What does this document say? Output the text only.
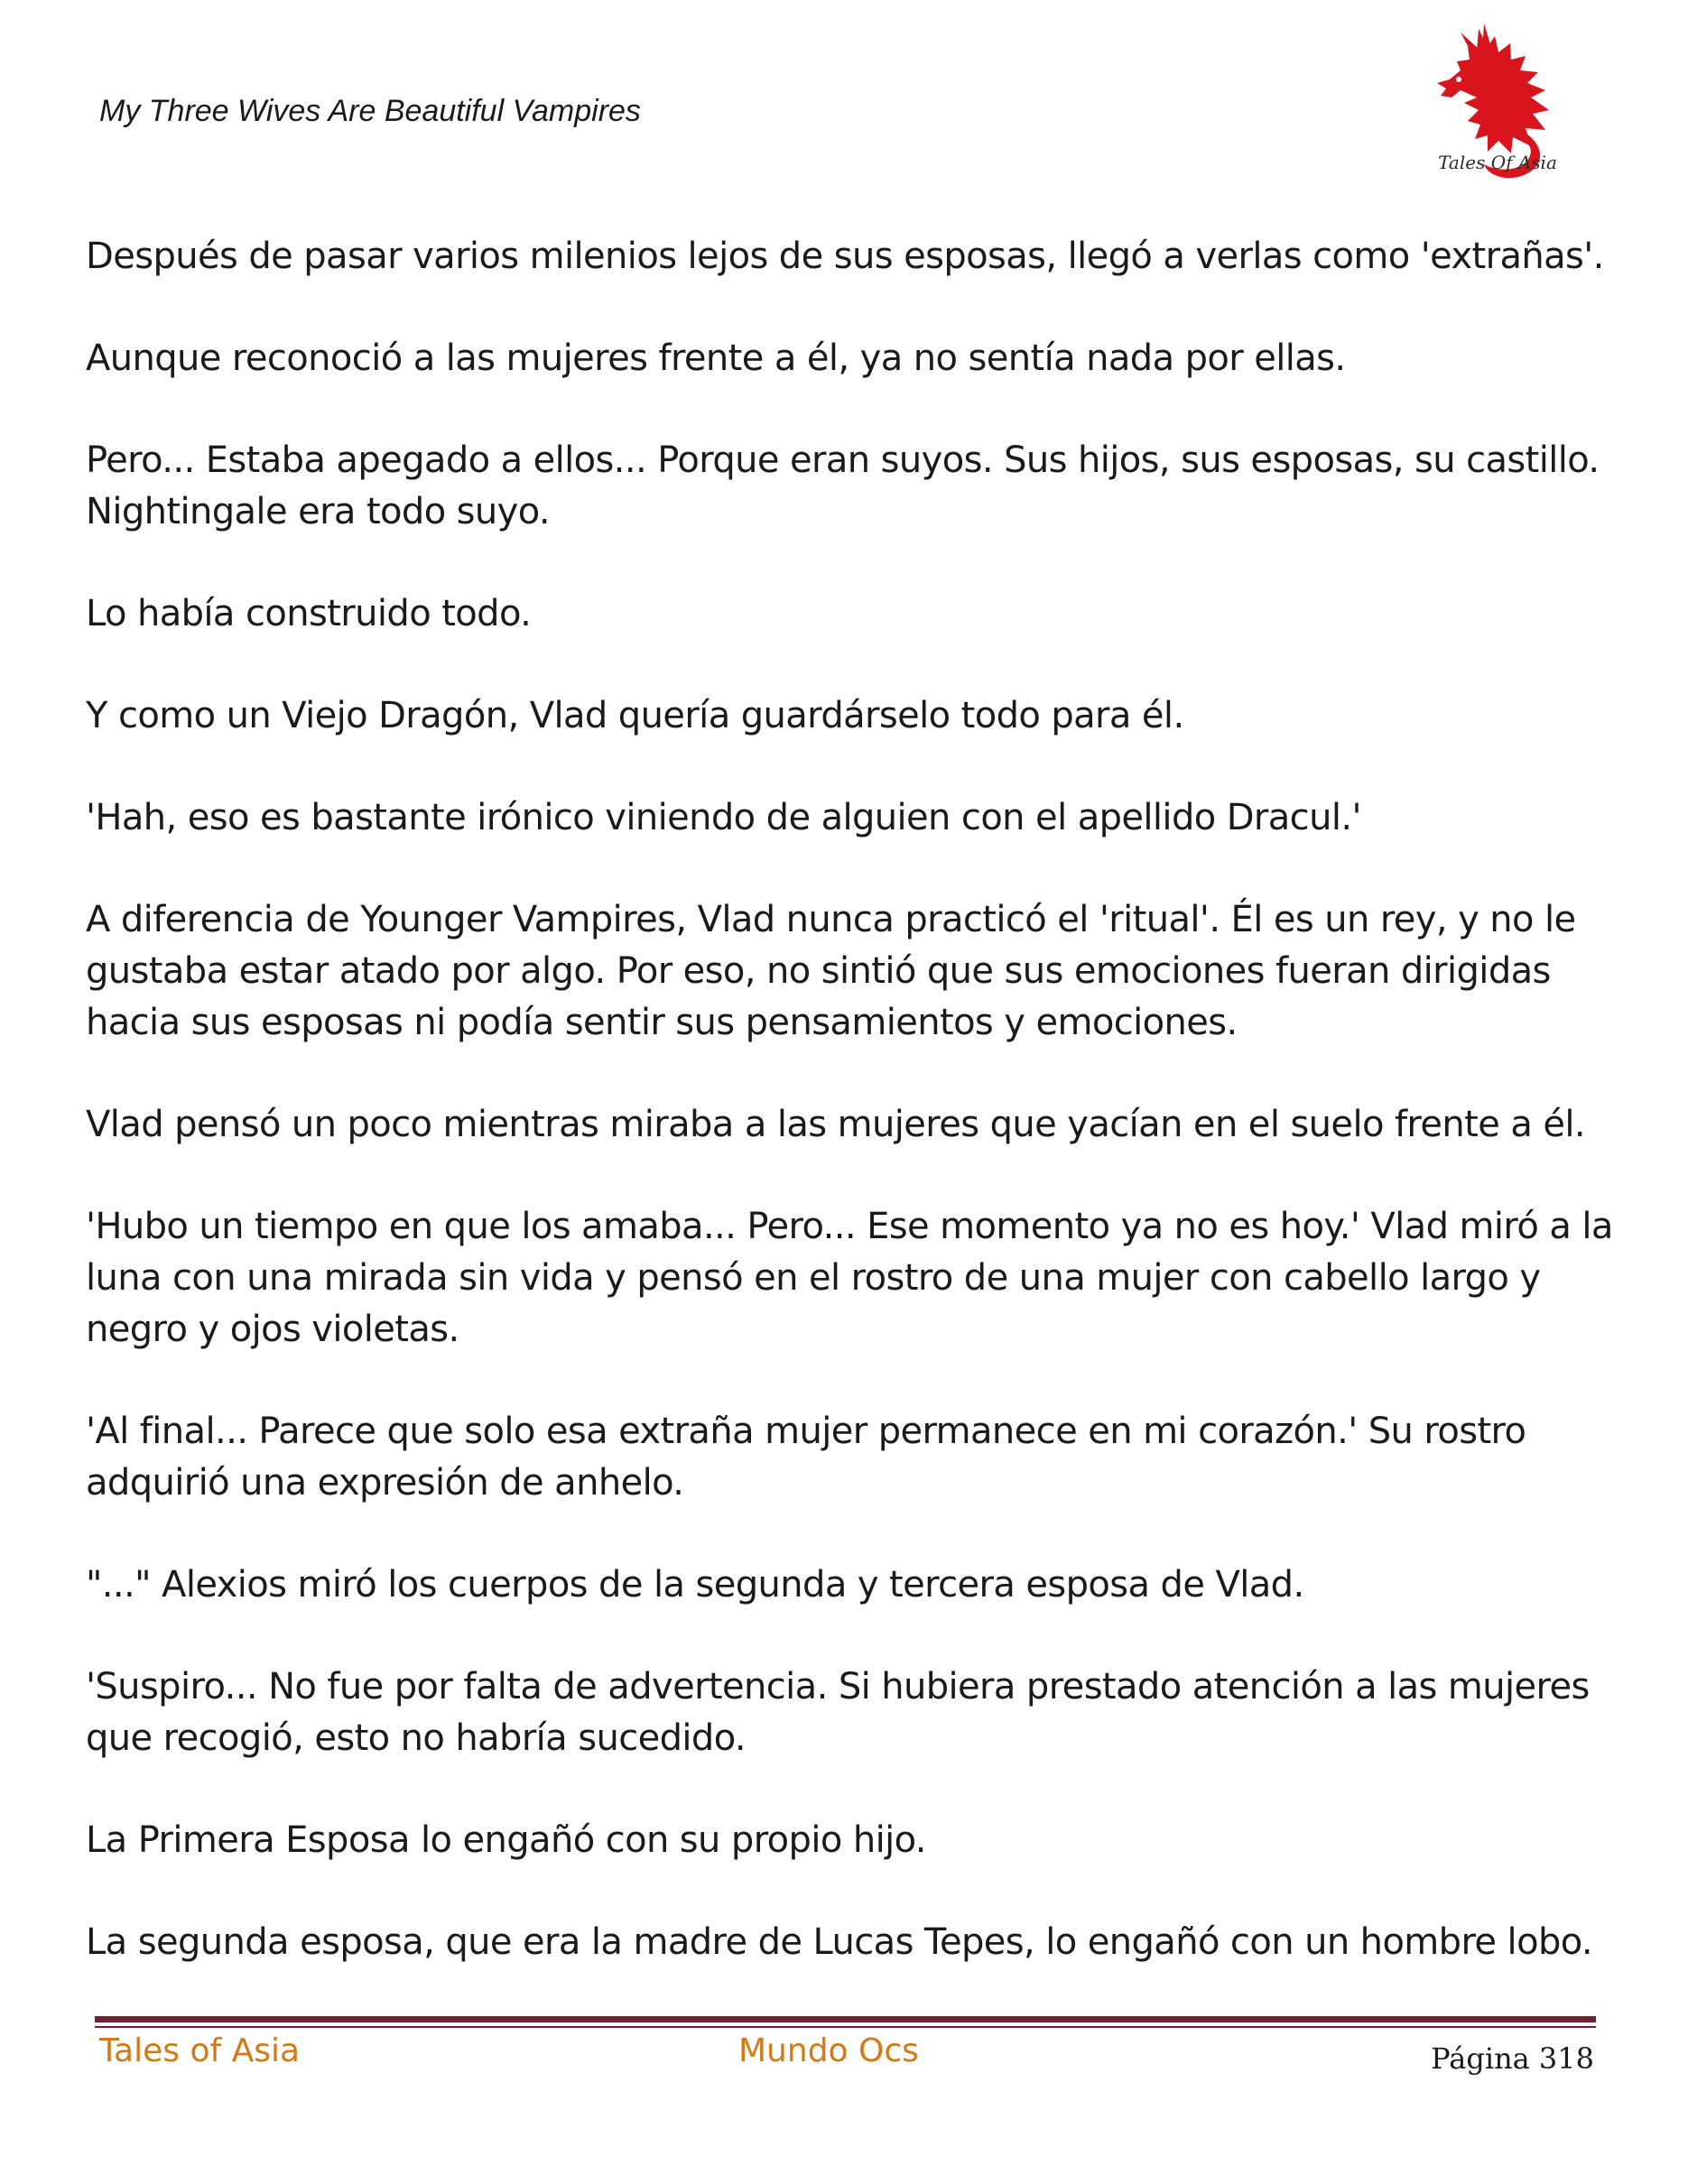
My Three Wives Are Beautiful Vampires
Tales Of Asia

Después de pasar varios milenios lejos de sus esposas, llegó a verlas como 'extrañas'.

Aunque reconoció a las mujeres frente a él, ya no sentía nada por ellas.

Pero... Estaba apegado a ellos... Porque eran suyos. Sus hijos, sus esposas, su castillo. Nightingale era todo suyo.

Lo había construido todo.

Y como un Viejo Dragón, Vlad quería guardárselo todo para él.

'Hah, eso es bastante irónico viniendo de alguien con el apellido Dracul.'

A diferencia de Younger Vampires, Vlad nunca practicó el 'ritual'. Él es un rey, y no le gustaba estar atado por algo. Por eso, no sintió que sus emociones fueran dirigidas hacia sus esposas ni podía sentir sus pensamientos y emociones.

Vlad pensó un poco mientras miraba a las mujeres que yacían en el suelo frente a él.

'Hubo un tiempo en que los amaba... Pero... Ese momento ya no es hoy.' Vlad miró a la luna con una mirada sin vida y pensó en el rostro de una mujer con cabello largo y negro y ojos violetas.

'Al final... Parece que solo esa extraña mujer permanece en mi corazón.' Su rostro adquirió una expresión de anhelo.

"..." Alexios miró los cuerpos de la segunda y tercera esposa de Vlad.

'Suspiro... No fue por falta de advertencia. Si hubiera prestado atención a las mujeres que recogió, esto no habría sucedido.

La Primera Esposa lo engañó con su propio hijo.

La segunda esposa, que era la madre de Lucas Tepes, lo engañó con un hombre lobo.

Tales of Asia	Mundo Ocs	Página 318
